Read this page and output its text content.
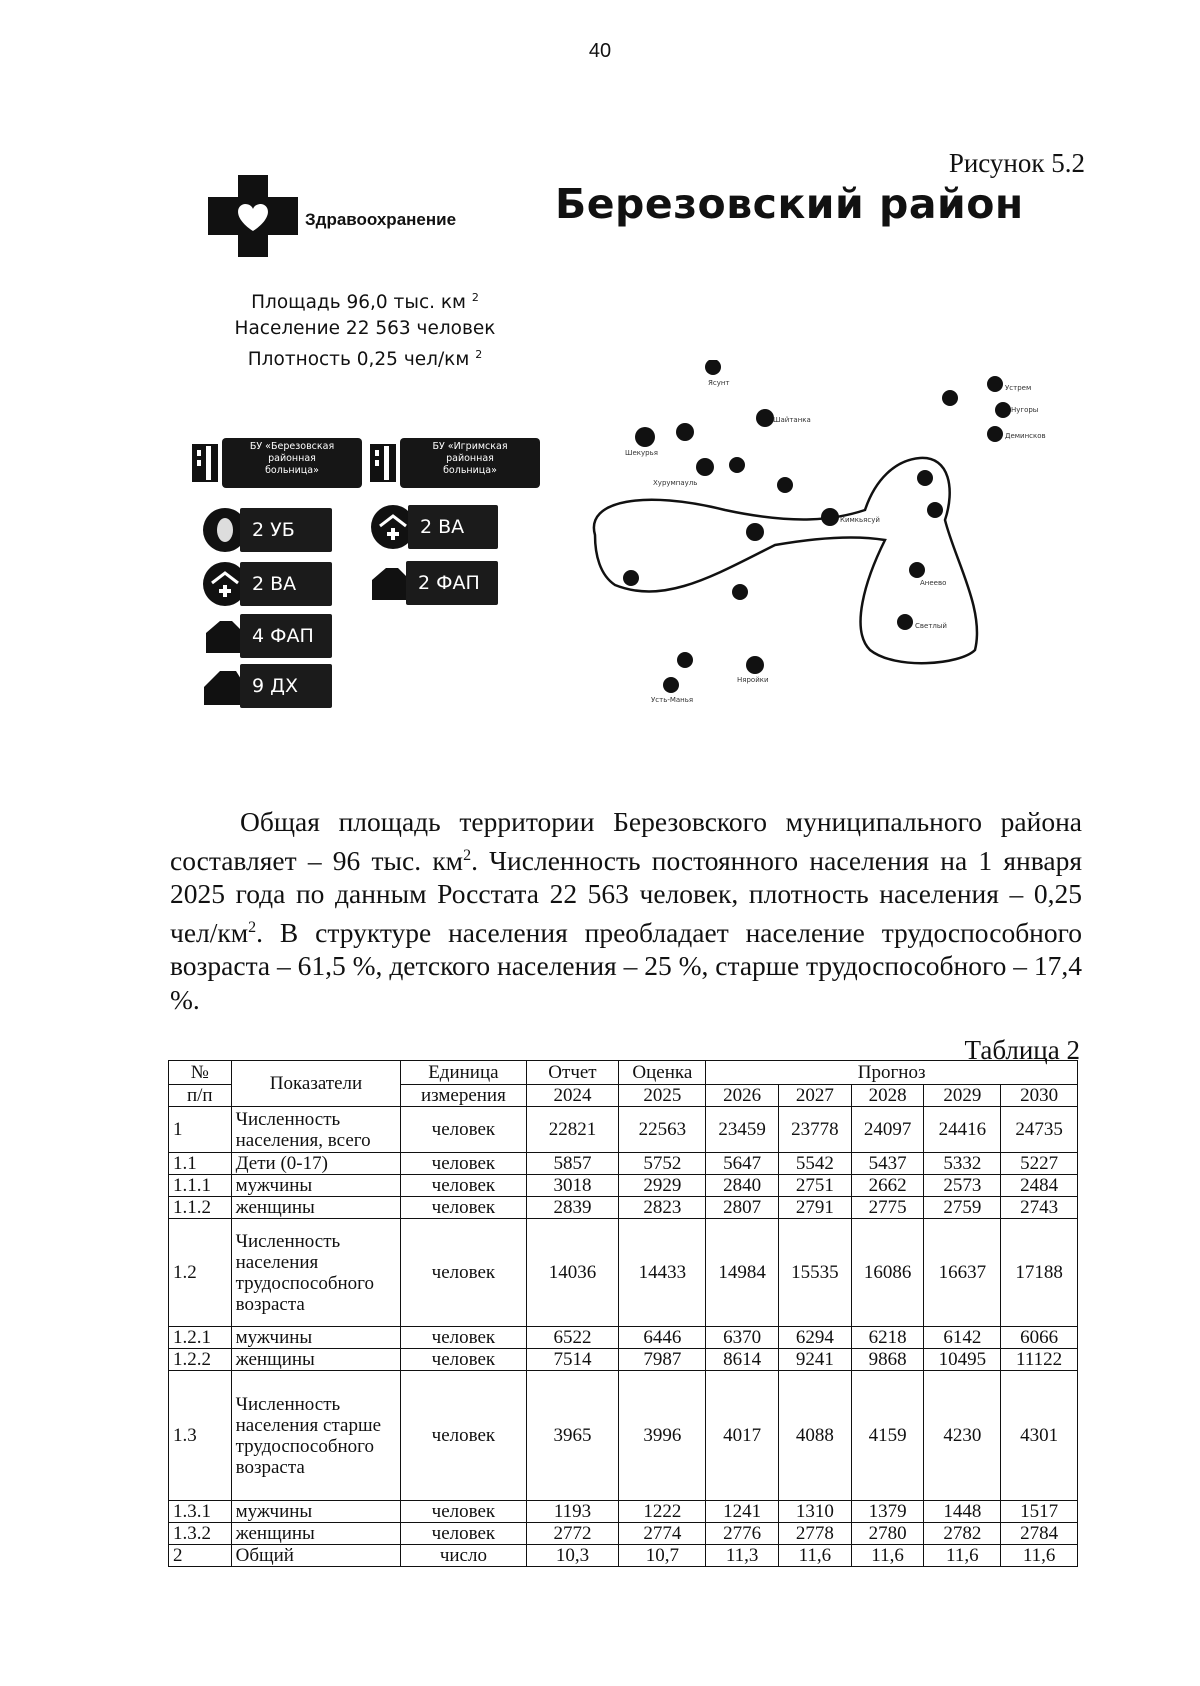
40
Рисунок 5.2
Здравоохранение Березовский район
Площадь 96,0 тыс. км $^2$
Население 22 563 человек
Плотность 0,25 чел/км $^2$
БУ «Березовская
районная
больница»
БУ «Игримская
районная
больница»
2 УБ
2 ВА
4 ФАП
9 ДХ
2 ВА
2 ФАП
Ясунт
Устрем
Нугоры
Шайтанка
Деминсков
Шекурья
Хурумпауль
Кимкьясуй
Анеево
Светлый
Няройки
Усть-Манья
Общая площадь территории Березовского муниципального района составляет – 96 тыс. $км^2$. Численность постоянного населения на 1 января 2025 года по данным Росстата 22 563 человек, плотность населения – 0,25 чел/$км^2$. В структуре населения преобладает население трудоспособного возраста – 61,5 %, детского населения – 25 %, старше трудоспособного – 17,4 %.
Таблица 2
№	Показатели	Единица	Отчет	Оценка	Прогноз				
п/п		измерения	2024	2025	2026	2027	2028	2029	2030
1	Численность населения, всего	человек	22821	22563	23459	23778	24097	24416	24735
1.1	Дети (0-17)	человек	5857	5752	5647	5542	5437	5332	5227
1.1.1	мужчины	человек	3018	2929	2840	2751	2662	2573	2484
1.1.2	женщины	человек	2839	2823	2807	2791	2775	2759	2743
1.2	Численность населения трудоспособного возраста	человек	14036	14433	14984	15535	16086	16637	17188
1.2.1	мужчины	человек	6522	6446	6370	6294	6218	6142	6066
1.2.2	женщины	человек	7514	7987	8614	9241	9868	10495	11122
1.3	Численность населения старше трудоспособного возраста	человек	3965	3996	4017	4088	4159	4230	4301
1.3.1	мужчины	человек	1193	1222	1241	1310	1379	1448	1517
1.3.2	женщины	человек	2772	2774	2776	2778	2780	2782	2784
2	Общий	число	10,3	10,7	11,3	11,6	11,6	11,6	11,6
